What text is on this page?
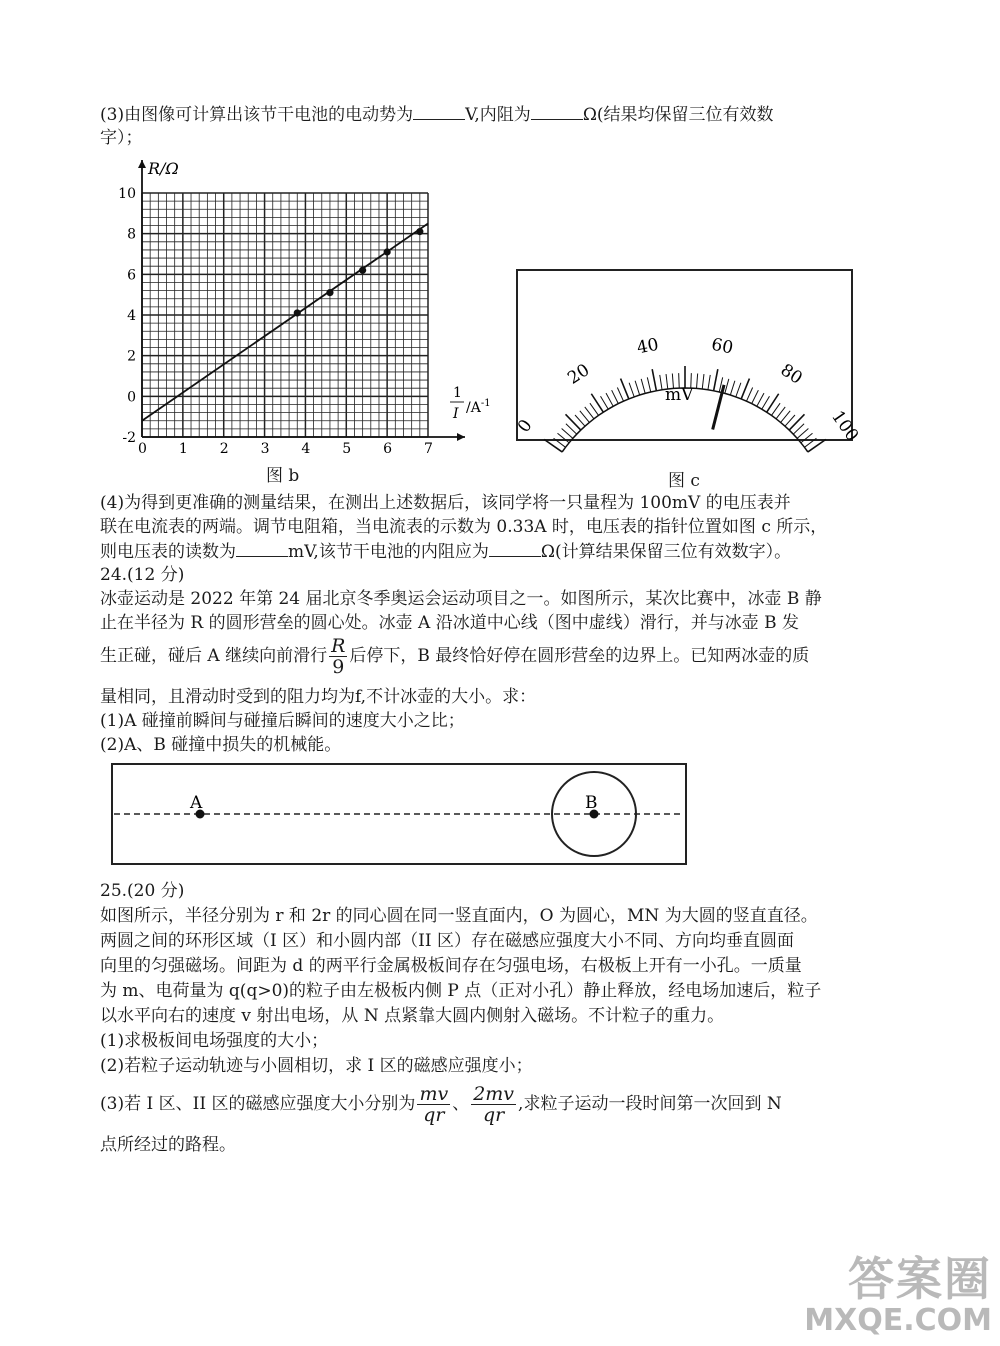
(3)由图像可计算出该节干电池的电动势为	V,内阻为	Ω(结果均保留三位有效数
字）；
0 1 2 3 4 5 6 7
-2
0
2
4
6
8
10
R/Ω
1
I $/A^{-1}$
图 b
0
20
40	60
80
100
mV
图 c
(4)为得到更准确的测量结果，在测出上述数据后，该同学将一只量程为 100mV 的电压表并
联在电流表的两端。调节电阻箱，当电流表的示数为 0.33A 时，电压表的指针位置如图 c 所示，
则电压表的读数为	mV,该节干电池的内阻应为	Ω(计算结果保留三位有效数字）。
24.(12 分)
冰壶运动是 2022 年第 24 届北京冬季奥运会运动项目之一。如图所示，某次比赛中，冰壶 B 静
止在半径为 R 的圆形营垒的圆心处。冰壶 A 沿冰道中心线（图中虚线）滑行，并与冰壶 B 发
生正碰，碰后 A 继续向前滑行 $\frac{R}{9}$ 后停下，B 最终恰好停在圆形营垒的边界上。已知两冰壶的质
量相同，且滑动时受到的阻力均为f,不计冰壶的大小。求：
(1)A 碰撞前瞬间与碰撞后瞬间的速度大小之比；
(2)A、B 碰撞中损失的机械能。
A	B
25.(20 分)
如图所示，半径分别为 r 和 2r 的同心圆在同一竖直面内，O 为圆心，MN 为大圆的竖直直径。
两圆之间的环形区域（I 区）和小圆内部（II 区）存在磁感应强度大小不同、方向均垂直圆面
向里的匀强磁场。间距为 d 的两平行金属极板间存在匀强电场，右极板上开有一小孔。一质量
为 m、电荷量为 q(q>0)的粒子由左极板内侧 P 点（正对小孔）静止释放，经电场加速后，粒子
以水平向右的速度 v 射出电场，从 N 点紧靠大圆内侧射入磁场。不计粒子的重力。
(1)求极板间电场强度的大小；
(2)若粒子运动轨迹与小圆相切，求 I 区的磁感应强度小；
(3)若 I 区、II 区的磁感应强度大小分别为 $\frac{mv}{qr}$ 、 $\frac{2mv}{qr}$ ,求粒子运动一段时间第一次回到 N
点所经过的路程。
答案圈
MXQE.COM
